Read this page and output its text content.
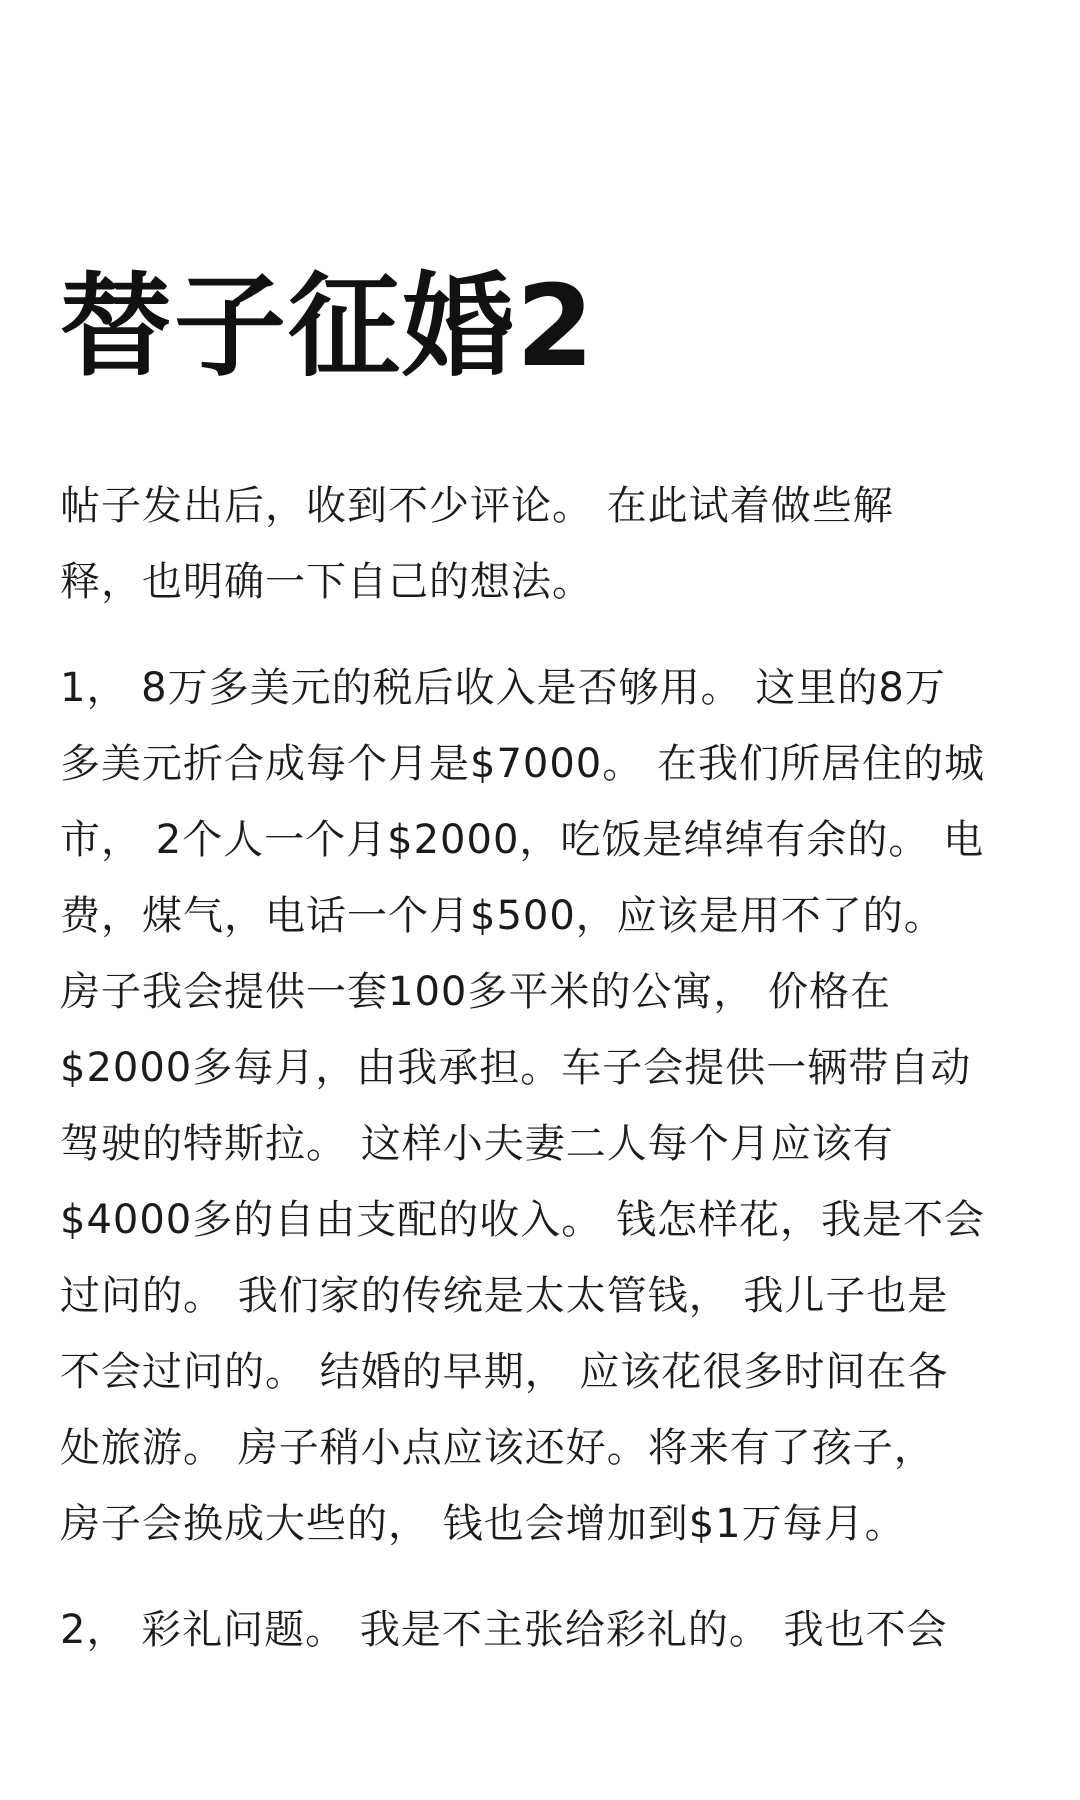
替子征婚2

帖子发出后，收到不少评论。 在此试着做些解
释，也明确一下自己的想法。

1， 8万多美元的税后收入是否够用。 这里的8万
多美元折合成每个月是$7000。 在我们所居住的城
市， 2个人一个月$2000，吃饭是绰绰有余的。 电
费，煤气，电话一个月$500，应该是用不了的。
房子我会提供一套100多平米的公寓， 价格在
$2000多每月，由我承担。车子会提供一辆带自动
驾驶的特斯拉。 这样小夫妻二人每个月应该有
$4000多的自由支配的收入。 钱怎样花，我是不会
过问的。 我们家的传统是太太管钱， 我儿子也是
不会过问的。 结婚的早期， 应该花很多时间在各
处旅游。 房子稍小点应该还好。将来有了孩子，
房子会换成大些的， 钱也会增加到$1万每月。

2， 彩礼问题。 我是不主张给彩礼的。 我也不会
